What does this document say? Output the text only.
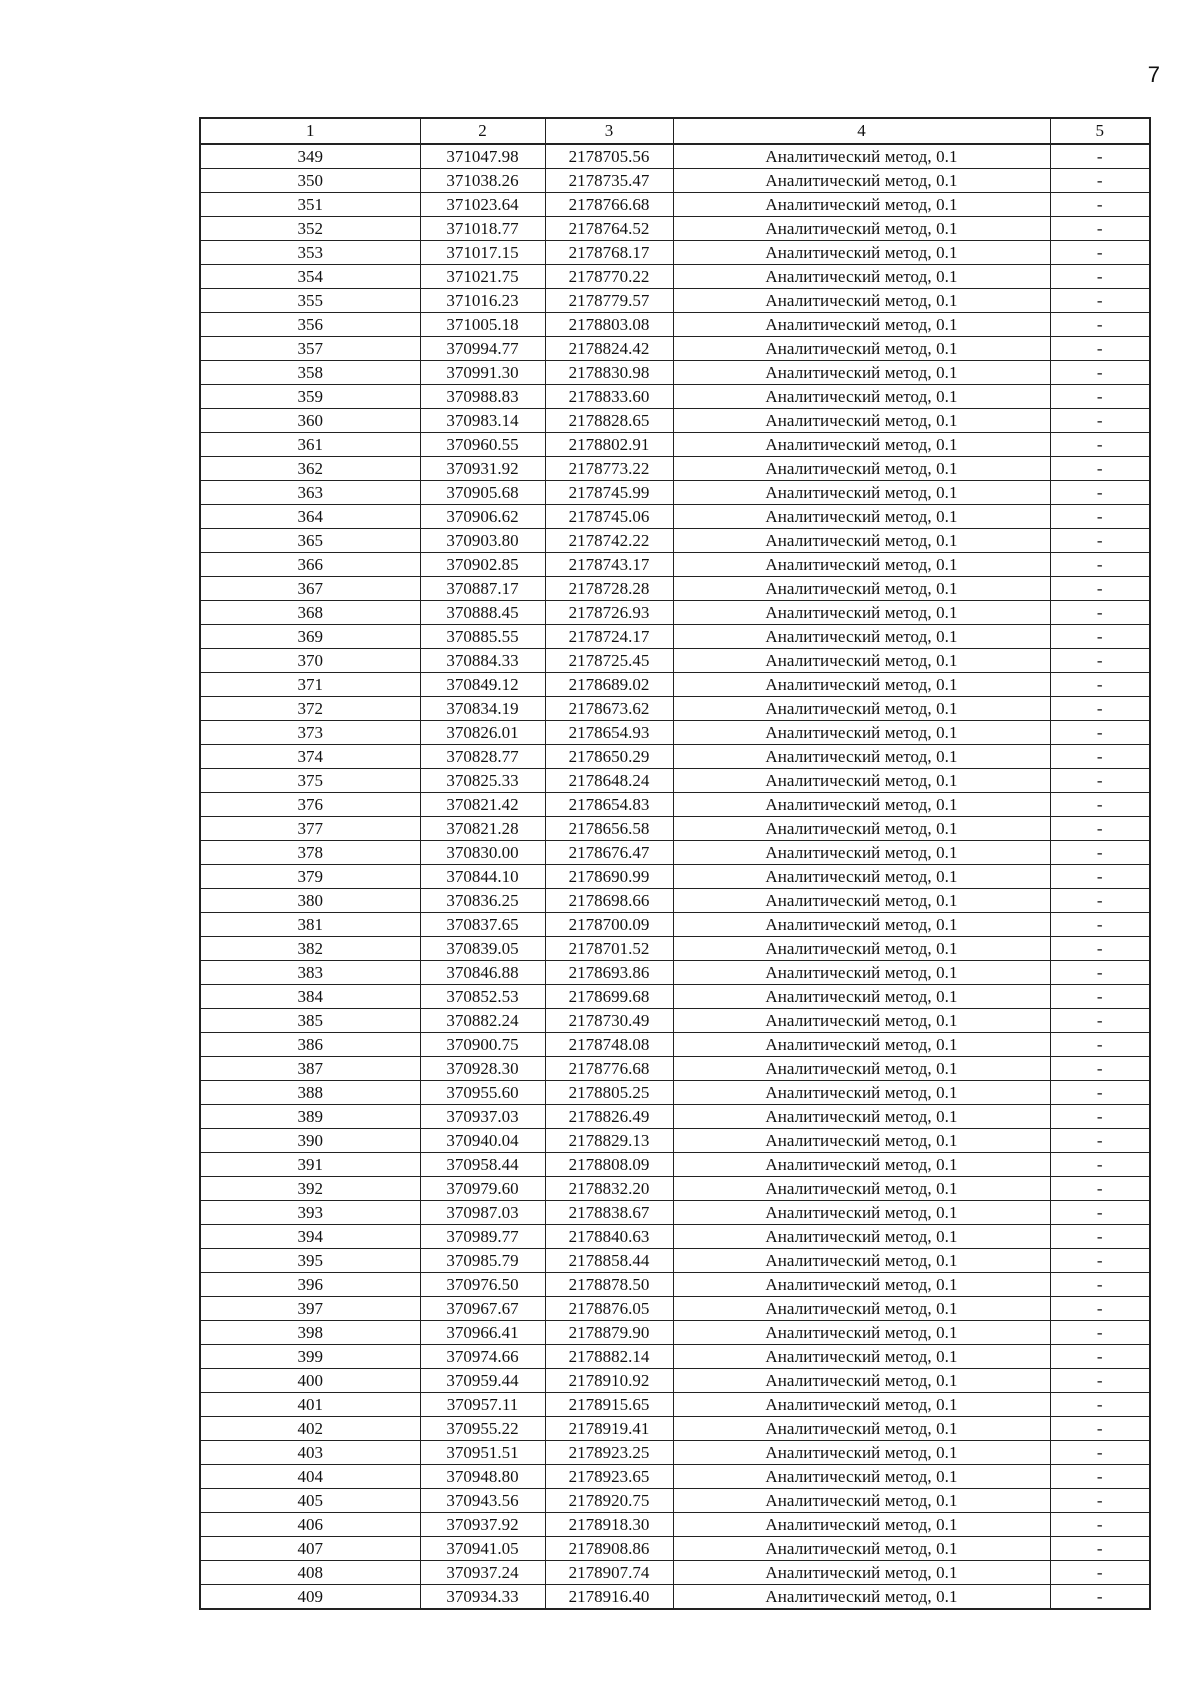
7
1	2	3	4	5
349	371047.98	2178705.56	Аналитический метод, 0.1	-
350	371038.26	2178735.47	Аналитический метод, 0.1	-
351	371023.64	2178766.68	Аналитический метод, 0.1	-
352	371018.77	2178764.52	Аналитический метод, 0.1	-
353	371017.15	2178768.17	Аналитический метод, 0.1	-
354	371021.75	2178770.22	Аналитический метод, 0.1	-
355	371016.23	2178779.57	Аналитический метод, 0.1	-
356	371005.18	2178803.08	Аналитический метод, 0.1	-
357	370994.77	2178824.42	Аналитический метод, 0.1	-
358	370991.30	2178830.98	Аналитический метод, 0.1	-
359	370988.83	2178833.60	Аналитический метод, 0.1	-
360	370983.14	2178828.65	Аналитический метод, 0.1	-
361	370960.55	2178802.91	Аналитический метод, 0.1	-
362	370931.92	2178773.22	Аналитический метод, 0.1	-
363	370905.68	2178745.99	Аналитический метод, 0.1	-
364	370906.62	2178745.06	Аналитический метод, 0.1	-
365	370903.80	2178742.22	Аналитический метод, 0.1	-
366	370902.85	2178743.17	Аналитический метод, 0.1	-
367	370887.17	2178728.28	Аналитический метод, 0.1	-
368	370888.45	2178726.93	Аналитический метод, 0.1	-
369	370885.55	2178724.17	Аналитический метод, 0.1	-
370	370884.33	2178725.45	Аналитический метод, 0.1	-
371	370849.12	2178689.02	Аналитический метод, 0.1	-
372	370834.19	2178673.62	Аналитический метод, 0.1	-
373	370826.01	2178654.93	Аналитический метод, 0.1	-
374	370828.77	2178650.29	Аналитический метод, 0.1	-
375	370825.33	2178648.24	Аналитический метод, 0.1	-
376	370821.42	2178654.83	Аналитический метод, 0.1	-
377	370821.28	2178656.58	Аналитический метод, 0.1	-
378	370830.00	2178676.47	Аналитический метод, 0.1	-
379	370844.10	2178690.99	Аналитический метод, 0.1	-
380	370836.25	2178698.66	Аналитический метод, 0.1	-
381	370837.65	2178700.09	Аналитический метод, 0.1	-
382	370839.05	2178701.52	Аналитический метод, 0.1	-
383	370846.88	2178693.86	Аналитический метод, 0.1	-
384	370852.53	2178699.68	Аналитический метод, 0.1	-
385	370882.24	2178730.49	Аналитический метод, 0.1	-
386	370900.75	2178748.08	Аналитический метод, 0.1	-
387	370928.30	2178776.68	Аналитический метод, 0.1	-
388	370955.60	2178805.25	Аналитический метод, 0.1	-
389	370937.03	2178826.49	Аналитический метод, 0.1	-
390	370940.04	2178829.13	Аналитический метод, 0.1	-
391	370958.44	2178808.09	Аналитический метод, 0.1	-
392	370979.60	2178832.20	Аналитический метод, 0.1	-
393	370987.03	2178838.67	Аналитический метод, 0.1	-
394	370989.77	2178840.63	Аналитический метод, 0.1	-
395	370985.79	2178858.44	Аналитический метод, 0.1	-
396	370976.50	2178878.50	Аналитический метод, 0.1	-
397	370967.67	2178876.05	Аналитический метод, 0.1	-
398	370966.41	2178879.90	Аналитический метод, 0.1	-
399	370974.66	2178882.14	Аналитический метод, 0.1	-
400	370959.44	2178910.92	Аналитический метод, 0.1	-
401	370957.11	2178915.65	Аналитический метод, 0.1	-
402	370955.22	2178919.41	Аналитический метод, 0.1	-
403	370951.51	2178923.25	Аналитический метод, 0.1	-
404	370948.80	2178923.65	Аналитический метод, 0.1	-
405	370943.56	2178920.75	Аналитический метод, 0.1	-
406	370937.92	2178918.30	Аналитический метод, 0.1	-
407	370941.05	2178908.86	Аналитический метод, 0.1	-
408	370937.24	2178907.74	Аналитический метод, 0.1	-
409	370934.33	2178916.40	Аналитический метод, 0.1	-
